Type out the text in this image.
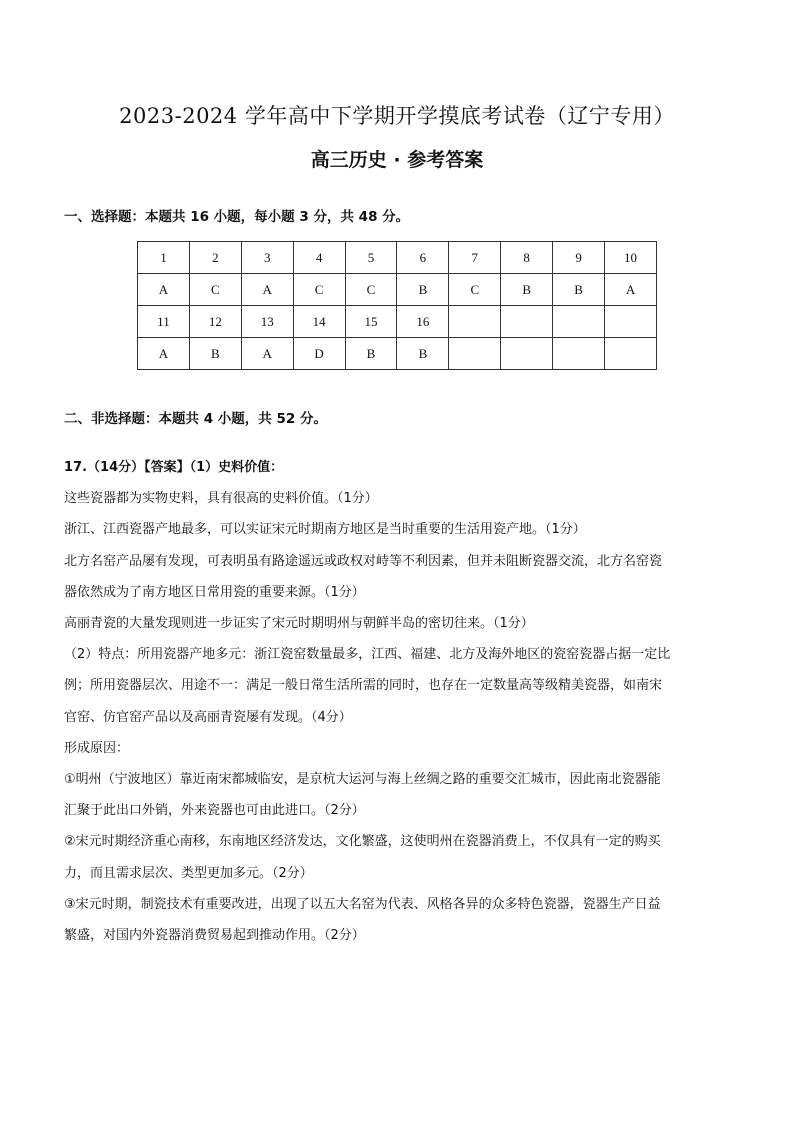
2023-2024 学年高中下学期开学摸底考试卷（辽宁专用）
高三历史 · 参考答案
一、选择题：本题共 16 小题，每小题 3 分，共 48 分。
1	2	3	4	5	6	7	8	9	10
A	C	A	C	C	B	C	B	B	A
11	12	13	14	15	16				
A	B	A	D	B	B				
二、非选择题：本题共 4 小题，共 52 分。

17.（14分）【答案】（1）史料价值：

这些瓷器都为实物史料，具有很高的史料价值。（1分）

浙江、江西瓷器产地最多，可以实证宋元时期南方地区是当时重要的生活用瓷产地。（1分）

北方名窑产品屡有发现，可表明虽有路途遥远或政权对峙等不利因素，但并未阻断瓷器交流，北方名窑瓷

器依然成为了南方地区日常用瓷的重要来源。（1分）

高丽青瓷的大量发现则进一步证实了宋元时期明州与朝鲜半岛的密切往来。（1分）

（2）特点：所用瓷器产地多元：浙江瓷窑数量最多，江西、福建、北方及海外地区的瓷窑瓷器占据一定比

例；所用瓷器层次、用途不一：满足一般日常生活所需的同时，也存在一定数量高等级精美瓷器，如南宋

官窑、仿官窑产品以及高丽青瓷屡有发现。（4分）

形成原因：

①明州（宁波地区）靠近南宋都城临安，是京杭大运河与海上丝绸之路的重要交汇城市，因此南北瓷器能

汇聚于此出口外销，外来瓷器也可由此进口。（2分）

②宋元时期经济重心南移，东南地区经济发达，文化繁盛，这使明州在瓷器消费上，不仅具有一定的购买

力，而且需求层次、类型更加多元。（2分）

③宋元时期，制瓷技术有重要改进，出现了以五大名窑为代表、风格各异的众多特色瓷器，瓷器生产日益

繁盛，对国内外瓷器消费贸易起到推动作用。（2分）
